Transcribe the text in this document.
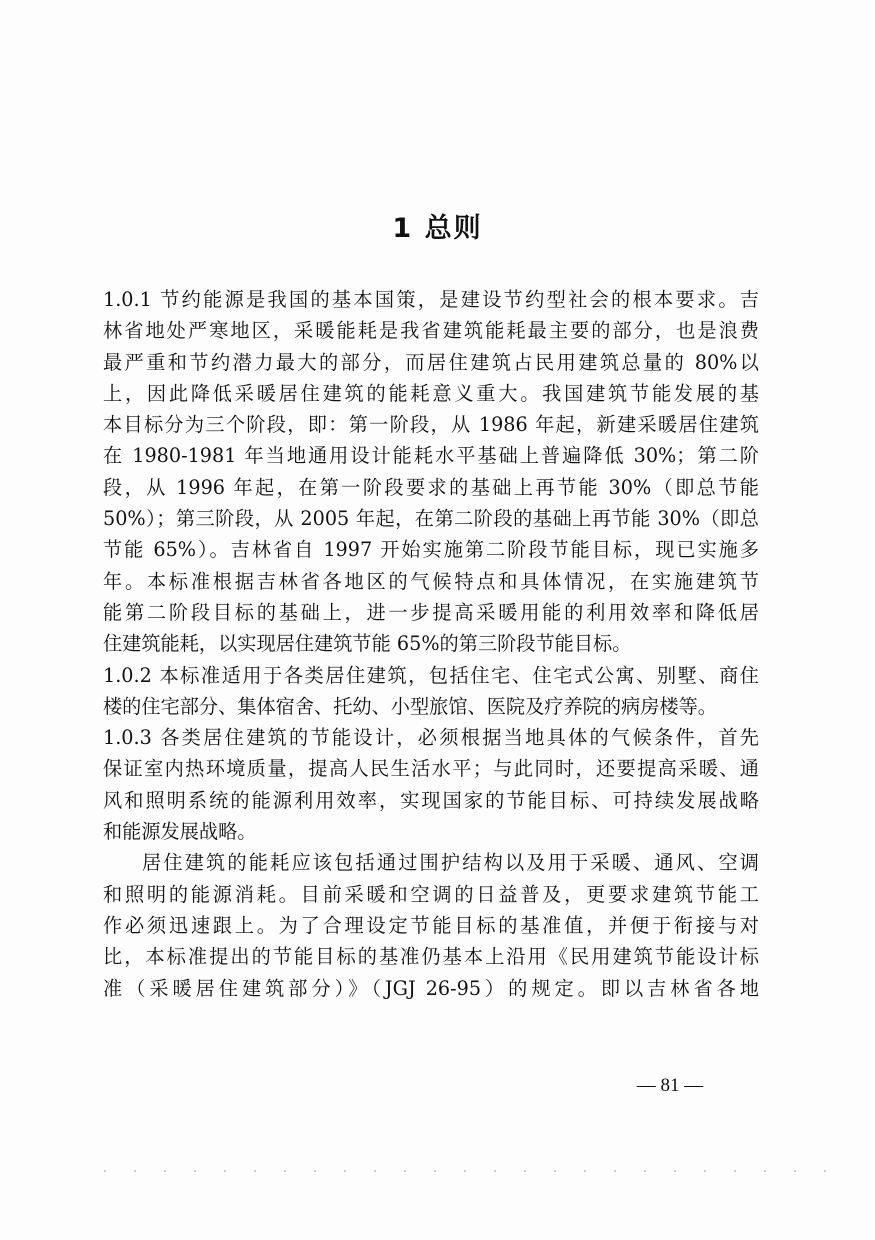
1 总则
1.0.1 节约能源是我国的基本国策，是建设节约型社会的根本要求。吉
林省地处严寒地区，采暖能耗是我省建筑能耗最主要的部分，也是浪费
最严重和节约潜力最大的部分，而居住建筑占民用建筑总量的 80%以
上，因此降低采暖居住建筑的能耗意义重大。我国建筑节能发展的基
本目标分为三个阶段，即：第一阶段，从 1986 年起，新建采暖居住建筑
在 1980-1981 年当地通用设计能耗水平基础上普遍降低 30%；第二阶
段，从 1996 年起，在第一阶段要求的基础上再节能 30%（即总节能
50%）；第三阶段，从 2005 年起，在第二阶段的基础上再节能 30%（即总
节能 65%）。吉林省自 1997 开始实施第二阶段节能目标，现已实施多
年。本标准根据吉林省各地区的气候特点和具体情况，在实施建筑节
能第二阶段目标的基础上，进一步提高采暖用能的利用效率和降低居
住建筑能耗，以实现居住建筑节能 65%的第三阶段节能目标。
1.0.2 本标准适用于各类居住建筑，包括住宅、住宅式公寓、别墅、商住
楼的住宅部分、集体宿舍、托幼、小型旅馆、医院及疗养院的病房楼等。
1.0.3 各类居住建筑的节能设计，必须根据当地具体的气候条件，首先
保证室内热环境质量，提高人民生活水平；与此同时，还要提高采暖、通
风和照明系统的能源利用效率，实现国家的节能目标、可持续发展战略
和能源发展战略。
居住建筑的能耗应该包括通过围护结构以及用于采暖、通风、空调
和照明的能源消耗。目前采暖和空调的日益普及，更要求建筑节能工
作必须迅速跟上。为了合理设定节能目标的基准值，并便于衔接与对
比，本标准提出的节能目标的基准仍基本上沿用《民用建筑节能设计标
准（采暖居住建筑部分）》（JGJ 26-95）的规定。即以吉林省各地
— 81 —
